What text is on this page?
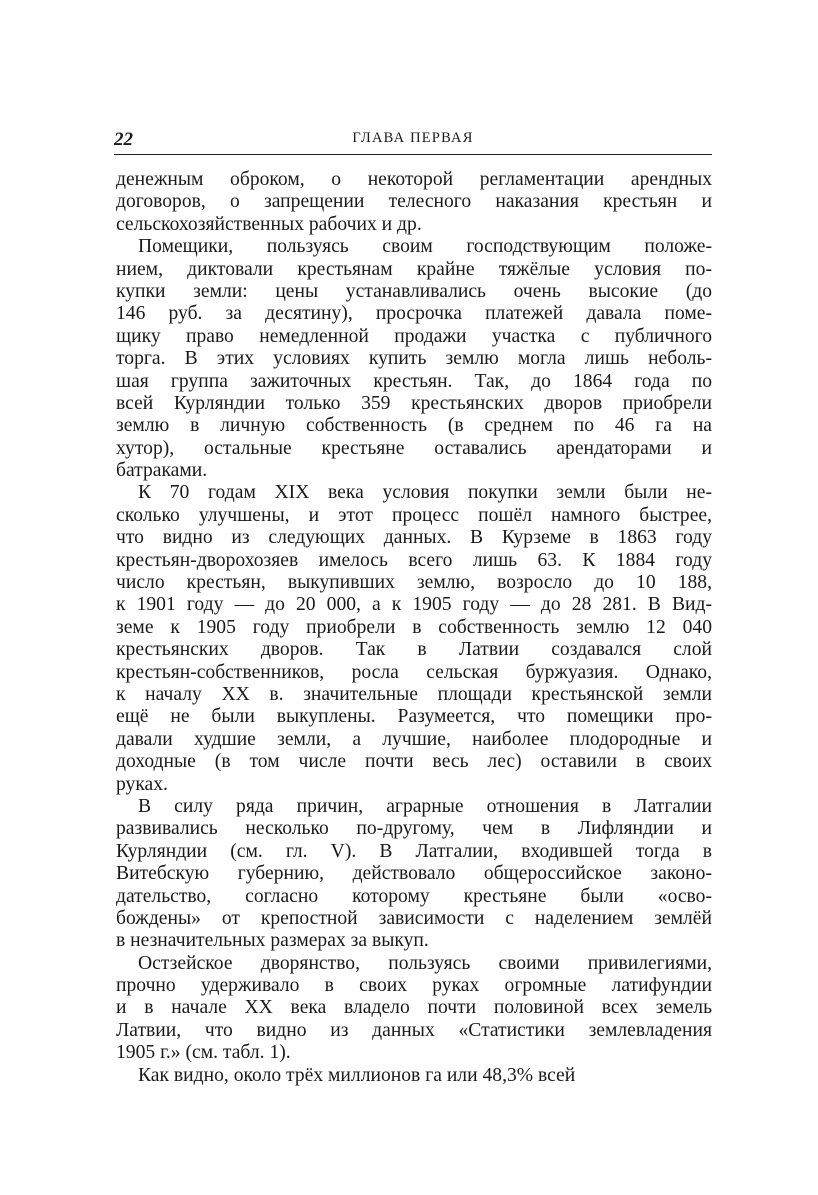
22	ГЛАВА ПЕРВАЯ
денежным оброком, о некоторой регламентации арендных
договоров, о запрещении телесного наказания крестьян и
сельскохозяйственных рабочих и др.
Помещики, пользуясь своим господствующим положе-
нием, диктовали крестьянам крайне тяжёлые условия по-
купки земли: цены устанавливались очень высокие (до
146 руб. за десятину), просрочка платежей давала поме-
щику право немедленной продажи участка с публичного
торга. В этих условиях купить землю могла лишь неболь-
шая группа зажиточных крестьян. Так, до 1864 года по
всей Курляндии только 359 крестьянских дворов приобрели
землю в личную собственность (в среднем по 46 га на
хутор), остальные крестьяне оставались арендаторами и
батраками.
К 70 годам XIX века условия покупки земли были не-
сколько улучшены, и этот процесс пошёл намного быстрее,
что видно из следующих данных. В Курземе в 1863 году
крестьян-дворохозяев имелось всего лишь 63. К 1884 году
число крестьян, выкупивших землю, возросло до 10 188,
к 1901 году — до 20 000, а к 1905 году — до 28 281. В Вид-
земе к 1905 году приобрели в собственность землю 12 040
крестьянских дворов. Так в Латвии создавался слой
крестьян-собственников, росла сельская буржуазия. Однако,
к началу XX в. значительные площади крестьянской земли
ещё не были выкуплены. Разумеется, что помещики про-
давали худшие земли, а лучшие, наиболее плодородные и
доходные (в том числе почти весь лес) оставили в своих
руках.
В силу ряда причин, аграрные отношения в Латгалии
развивались несколько по-другому, чем в Лифляндии и
Курляндии (см. гл. V). В Латгалии, входившей тогда в
Витебскую губернию, действовало общероссийское законо-
дательство, согласно которому крестьяне были «осво-
бождены» от крепостной зависимости с наделением землёй
в незначительных размерах за выкуп.
Остзейское дворянство, пользуясь своими привилегиями,
прочно удерживало в своих руках огромные латифундии
и в начале XX века владело почти половиной всех земель
Латвии, что видно из данных «Статистики землевладения
1905 г.» (см. табл. 1).
Как видно, около трёх миллионов га или 48,3% всей
